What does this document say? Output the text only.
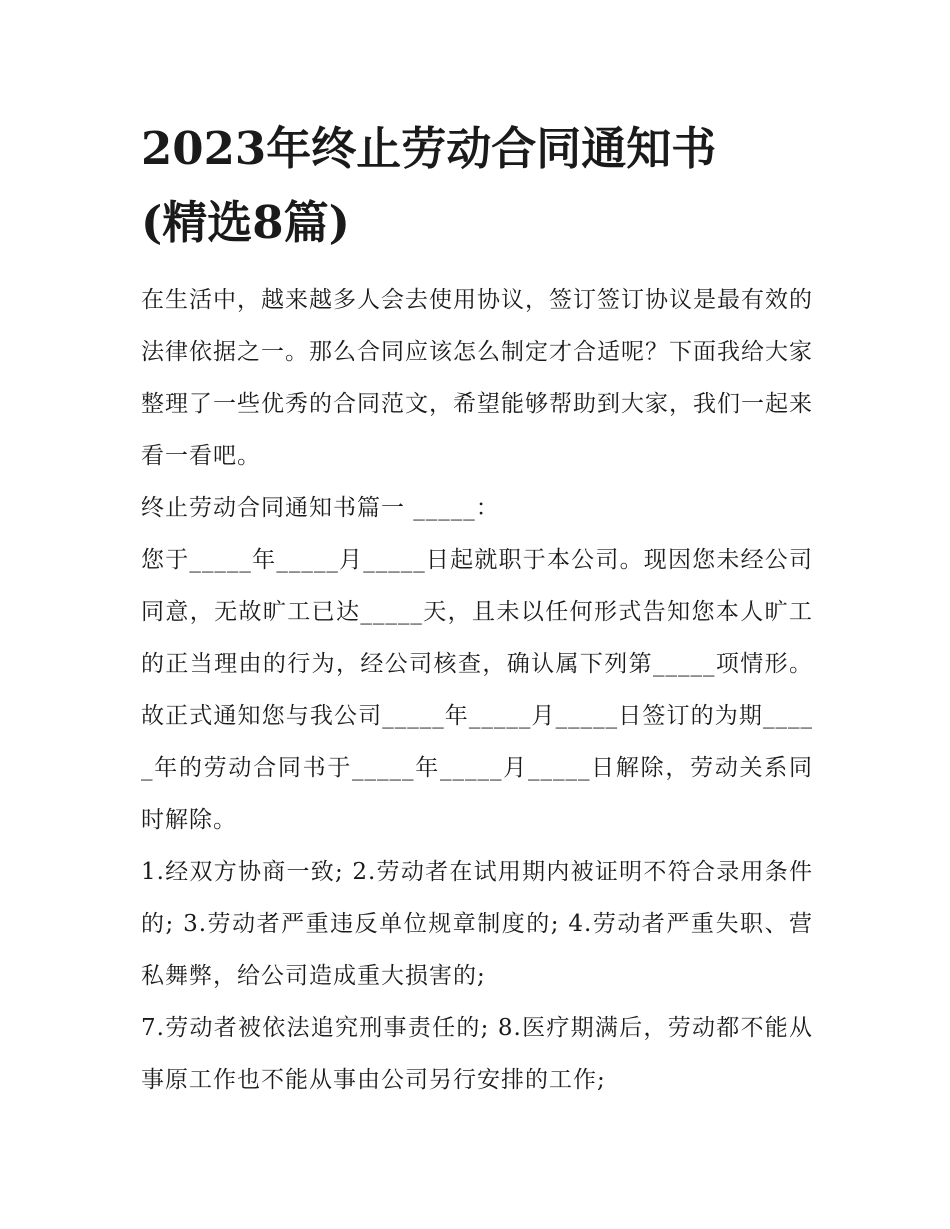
2023年终止劳动合同通知书
(精选8篇)

在生活中，越来越多人会去使用协议，签订签订协议是最有效的法律依据之一。那么合同应该怎么制定才合适呢？下面我给大家整理了一些优秀的合同范文，希望能够帮助到大家，我们一起来看一看吧。

终止劳动合同通知书篇一 _____：

您于_____年_____月_____日起就职于本公司。现因您未经公司同意，无故旷工已达_____天，且未以任何形式告知您本人旷工的正当理由的行为，经公司核查，确认属下列第_____项情形。故正式通知您与我公司_____年_____月_____日签订的为期_____年的劳动合同书于_____年_____月_____日解除，劳动关系同时解除。

1.经双方协商一致; 2.劳动者在试用期内被证明不符合录用条件的; 3.劳动者严重违反单位规章制度的; 4.劳动者严重失职、营私舞弊，给公司造成重大损害的;

7.劳动者被依法追究刑事责任的; 8.医疗期满后，劳动都不能从事原工作也不能从事由公司另行安排的工作;
